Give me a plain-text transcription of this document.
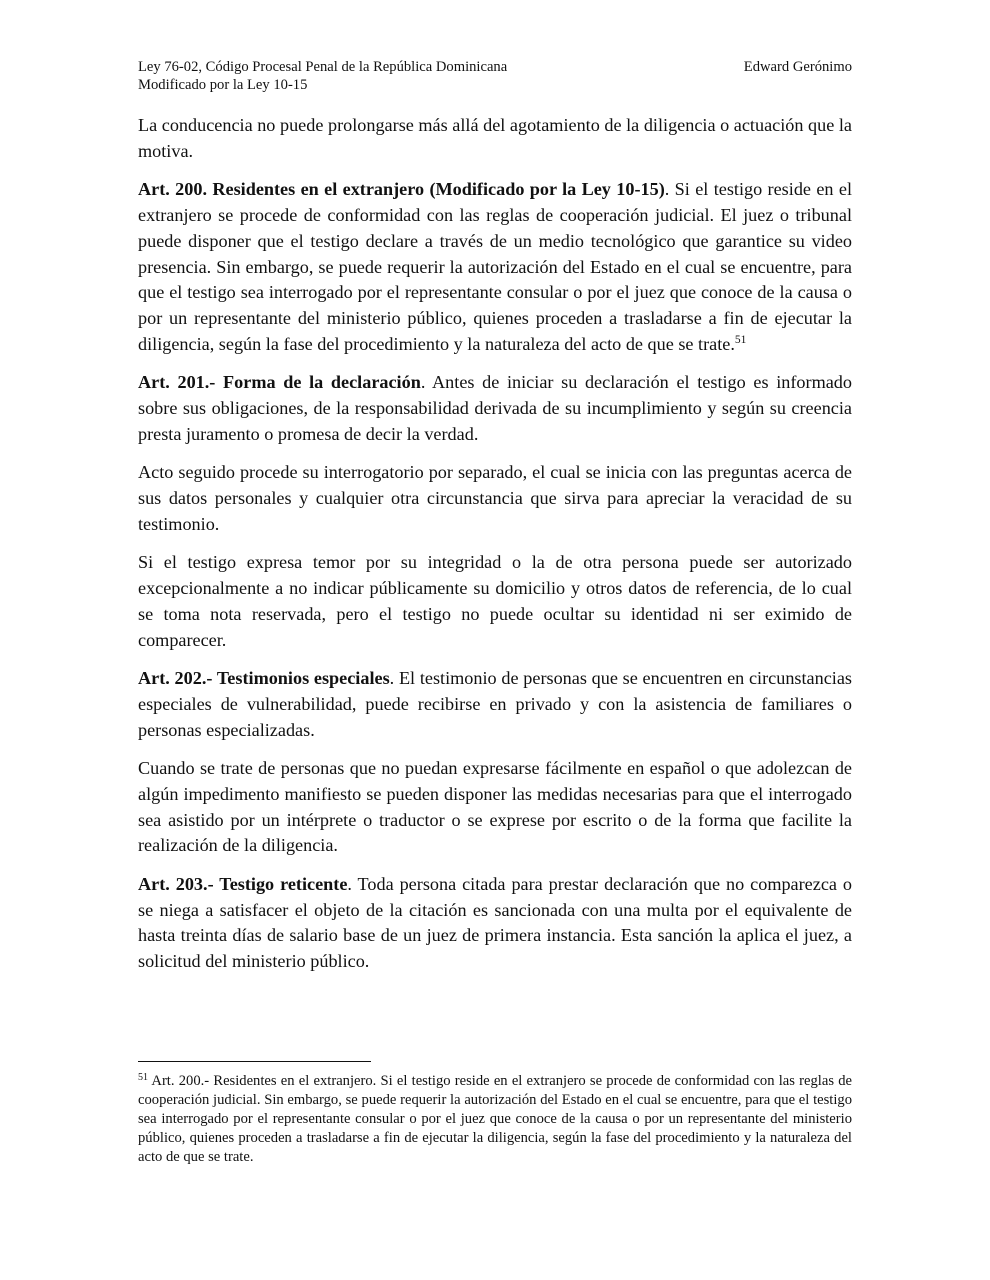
Ley 76-02, Código Procesal Penal de la República Dominicana
Modificado por la Ley 10-15
Edward Gerónimo

La conducencia no puede prolongarse más allá del agotamiento de la diligencia o actuación que la motiva.

Art. 200. Residentes en el extranjero (Modificado por la Ley 10-15). Si el testigo reside en el extranjero se procede de conformidad con las reglas de cooperación judicial. El juez o tribunal puede disponer que el testigo declare a través de un medio tecnológico que garantice su video presencia. Sin embargo, se puede requerir la autorización del Estado en el cual se encuentre, para que el testigo sea interrogado por el representante consular o por el juez que conoce de la causa o por un representante del ministerio público, quienes proceden a trasladarse a fin de ejecutar la diligencia, según la fase del procedimiento y la naturaleza del acto de que se trate.$^{51}$

Art. 201.- Forma de la declaración. Antes de iniciar su declaración el testigo es informado sobre sus obligaciones, de la responsabilidad derivada de su incumplimiento y según su creencia presta juramento o promesa de decir la verdad.

Acto seguido procede su interrogatorio por separado, el cual se inicia con las preguntas acerca de sus datos personales y cualquier otra circunstancia que sirva para apreciar la veracidad de su testimonio.

Si el testigo expresa temor por su integridad o la de otra persona puede ser autorizado excepcionalmente a no indicar públicamente su domicilio y otros datos de referencia, de lo cual se toma nota reservada, pero el testigo no puede ocultar su identidad ni ser eximido de comparecer.

Art. 202.- Testimonios especiales. El testimonio de personas que se encuentren en circunstancias especiales de vulnerabilidad, puede recibirse en privado y con la asistencia de familiares o personas especializadas.

Cuando se trate de personas que no puedan expresarse fácilmente en español o que adolezcan de algún impedimento manifiesto se pueden disponer las medidas necesarias para que el interrogado sea asistido por un intérprete o traductor o se exprese por escrito o de la forma que facilite la realización de la diligencia.

Art. 203.- Testigo reticente. Toda persona citada para prestar declaración que no comparezca o se niega a satisfacer el objeto de la citación es sancionada con una multa por el equivalente de hasta treinta días de salario base de un juez de primera instancia. Esta sanción la aplica el juez, a solicitud del ministerio público.

$^{51}$ Art. 200.- Residentes en el extranjero. Si el testigo reside en el extranjero se procede de conformidad con las reglas de cooperación judicial. Sin embargo, se puede requerir la autorización del Estado en el cual se encuentre, para que el testigo sea interrogado por el representante consular o por el juez que conoce de la causa o por un representante del ministerio público, quienes proceden a trasladarse a fin de ejecutar la diligencia, según la fase del procedimiento y la naturaleza del acto de que se trate.
